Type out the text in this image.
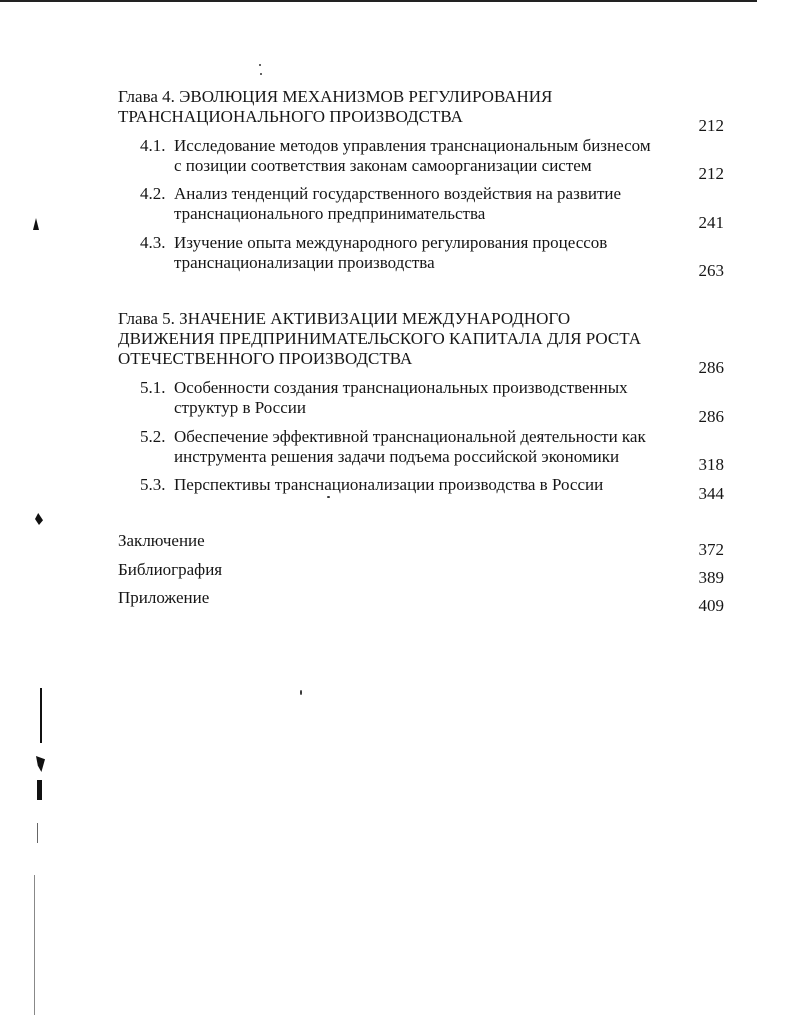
Глава 4. ЭВОЛЮЦИЯ МЕХАНИЗМОВ РЕГУЛИРОВАНИЯ
ТРАНСНАЦИОНАЛЬНОГО ПРОИЗВОДСТВА	212
4.1. Исследование методов управления транснациональным бизнесом
с позиции соответствия законам самоорганизации систем	212
4.2. Анализ тенденций государственного воздействия на развитие
транснационального предпринимательства	241
4.3. Изучение опыта международного регулирования процессов
транснационализации производства	263
Глава 5. ЗНАЧЕНИЕ АКТИВИЗАЦИИ МЕЖДУНАРОДНОГО
ДВИЖЕНИЯ ПРЕДПРИНИМАТЕЛЬСКОГО КАПИТАЛА ДЛЯ РОСТА
ОТЕЧЕСТВЕННОГО ПРОИЗВОДСТВА	286
5.1. Особенности создания транснациональных производственных
структур в России	286
5.2. Обеспечение эффективной транснациональной деятельности как
инструмента решения задачи подъема российской экономики	318
5.3. Перспективы транснационализации производства в России	344
Заключение	372
Библиография	389
Приложение	409
